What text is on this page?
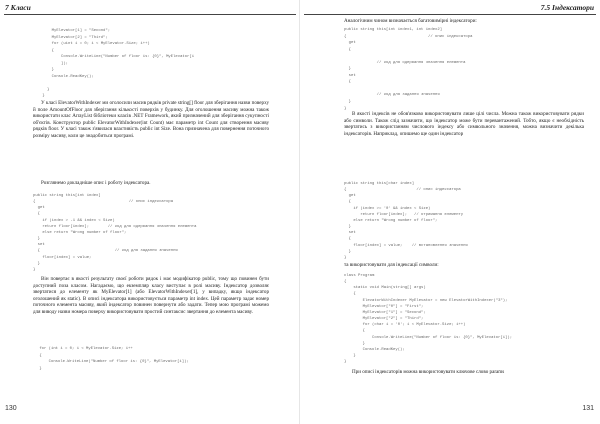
7 Класи
MyElevator[1] = "Second";
MyElevator[2] = "Third";
for (uint i = 0; i < MyElevator.Size; i++)
{
Console.WriteLine("Number of floor is: {0}", MyElevator[i
]);
}
Console.ReadKey();

}
}

У класі ElevatorWithIndexer ми оголосили масив рядків private string[] floor для зберігання назви поверху й поле AmountOfFloor для зберігання кількості поверхів у будинку. Для оголошення масиву можна також використати клас ArrayList бібліотеки класів .NET Framework, який призначений для зберігання сукупності об'єктів. Конструктор public ElevatorWithIndexer(int Count) має параметр int Count для створення масиву рядків floor. У класі також з'явилася властивість public int Size. Вона призначена для повернення поточного розміру масиву, коли це знадобиться програмі.

Розглянемо докладніше опис і роботу індексатора.

public string this[int index]
{                                        // опис індексатора
get
{
if (index > -1 && index < Size)
return floor[index];        // код для одержання значення елемента
else return "Wrong number of floor";
}
set
{                                // код для задання значення
floor[index] = value;
}
}

Він повертає в якості результату своєї роботи рядок і має модифікатор public, тому що повинен бути доступний поза класом. Нагадаємо, що екземпляр класу виступає в ролі масиву. Індексатор дозволяє звертатися до елементу як MyElevator[1] (або ElevatorWithIndexer[1], у випадку, якщо індексатор оголошений як static). В описі індексатора використовується параметр int index. Цей параметр задає номер поточного елемента масиву, який індексатор повинен повернути або задати. Тепер мою програмі можемо для виводу назви номера поверху використовувати простий синтаксис звертання до елемента масиву.

for (int i = 0; i < MyElevator.Size; i++
{
Console.WriteLine("Number of floor is: {0}", MyElevator[i]);
}
130
7.5 Індексатори

Аналогічним чином визначається багатовимірні індексатори:

public string this[int index1, int index2]
{                                   // опис індексатора
get
{

// код для одержання значення елемента
}
set
{

// код для задання значення
}
}

В якості індексів не обов'язково використовувати лише цілі числа. Можна також використовувати рядки або символи. Також слід зазначити, що індексатор може бути перевантажений. Тобто, якщо є необхідність звертатись з використанням числового індексу або символьного значення, можна визначити декілька індексаторів. Наприклад, опишемо ще один індексатор

public string this[char index]
{                              // опис індексатора
get
{
if (index >= '0' && index < Size)
return floor[index];   // отримання елементу
else return "Wrong number of floor";
}
set
{
floor[index] = value;    // встановлення значення
}
}

та використовувати для індексації символи:

class Program
{
static void Main(string[] args)
{
ElevatorWithIndexer MyElevator = new ElevatorWithIndexer("3");
MyElevator["0"] = "First";
MyElevator["1"] = "Second";
MyElevator["2"] = "Third";
for (char i = '0'; i < MyElevator.Size; i++)
{
Console.WriteLine("Number of floor is: {0}", MyElevator[i]);
}
Console.ReadKey();
}
}

При описі індексаторів можна використовувати ключове слово params

131
